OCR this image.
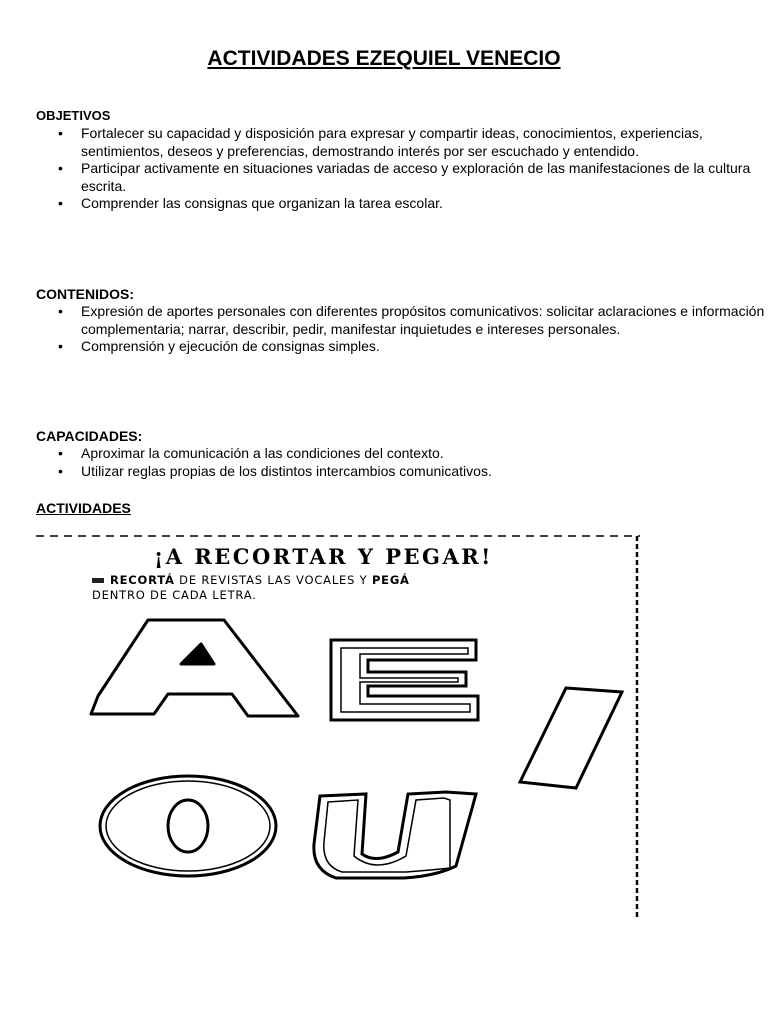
ACTIVIDADES EZEQUIEL VENECIO
OBJETIVOS
• Fortalecer su capacidad y disposición para expresar y compartir ideas, conocimientos, experiencias, sentimientos, deseos y preferencias, demostrando interés por ser escuchado y entendido.
• Participar activamente en situaciones variadas de acceso y exploración de las manifestaciones de la cultura escrita.
• Comprender las consignas que organizan la tarea escolar.
CONTENIDOS:
• Expresión de aportes personales con diferentes propósitos comunicativos: solicitar aclaraciones e información complementaria; narrar, describir, pedir, manifestar inquietudes e intereses personales.
• Comprensión y ejecución de consignas simples.
CAPACIDADES:
• Aproximar la comunicación a las condiciones del contexto.
• Utilizar reglas propias de los distintos intercambios comunicativos.
ACTIVIDADES
¡A RECORTAR Y PEGAR!
RECORTÁ DE REVISTAS LAS VOCALES Y PEGÁ
DENTRO DE CADA LETRA.
